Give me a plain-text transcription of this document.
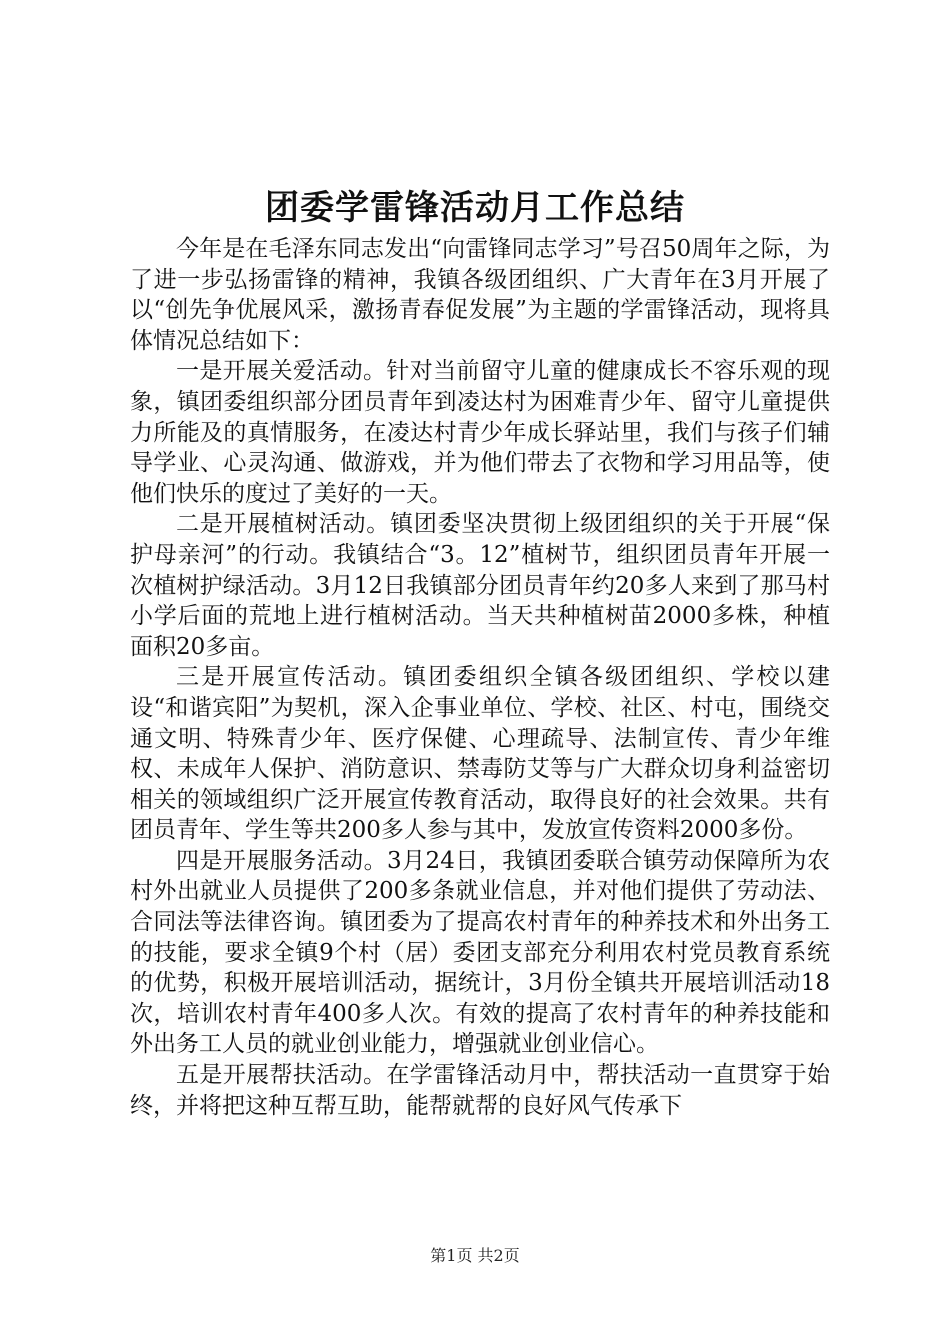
团委学雷锋活动月工作总结

今年是在毛泽东同志发出“向雷锋同志学习”号召50周年之际，为了进一步弘扬雷锋的精神，我镇各级团组织、广大青年在3月开展了以“创先争优展风采，激扬青春促发展”为主题的学雷锋活动，现将具体情况总结如下：

一是开展关爱活动。针对当前留守儿童的健康成长不容乐观的现象，镇团委组织部分团员青年到凌达村为困难青少年、留守儿童提供力所能及的真情服务，在凌达村青少年成长驿站里，我们与孩子们辅导学业、心灵沟通、做游戏，并为他们带去了衣物和学习用品等，使他们快乐的度过了美好的一天。

二是开展植树活动。镇团委坚决贯彻上级团组织的关于开展“保护母亲河”的行动。我镇结合“3。12”植树节，组织团员青年开展一次植树护绿活动。3月12日我镇部分团员青年约20多人来到了那马村小学后面的荒地上进行植树活动。当天共种植树苗2000多株，种植面积20多亩。

三是开展宣传活动。镇团委组织全镇各级团组织、学校以建设“和谐宾阳”为契机，深入企事业单位、学校、社区、村屯，围绕交通文明、特殊青少年、医疗保健、心理疏导、法制宣传、青少年维权、未成年人保护、消防意识、禁毒防艾等与广大群众切身利益密切相关的领域组织广泛开展宣传教育活动，取得良好的社会效果。共有团员青年、学生等共200多人参与其中，发放宣传资料2000多份。

四是开展服务活动。3月24日，我镇团委联合镇劳动保障所为农村外出就业人员提供了200多条就业信息，并对他们提供了劳动法、合同法等法律咨询。镇团委为了提高农村青年的种养技术和外出务工的技能，要求全镇9个村（居）委团支部充分利用农村党员教育系统的优势，积极开展培训活动，据统计，3月份全镇共开展培训活动18次，培训农村青年400多人次。有效的提高了农村青年的种养技能和外出务工人员的就业创业能力，增强就业创业信心。

五是开展帮扶活动。在学雷锋活动月中，帮扶活动一直贯穿于始终，并将把这种互帮互助，能帮就帮的良好风气传承下

第1页 共2页
